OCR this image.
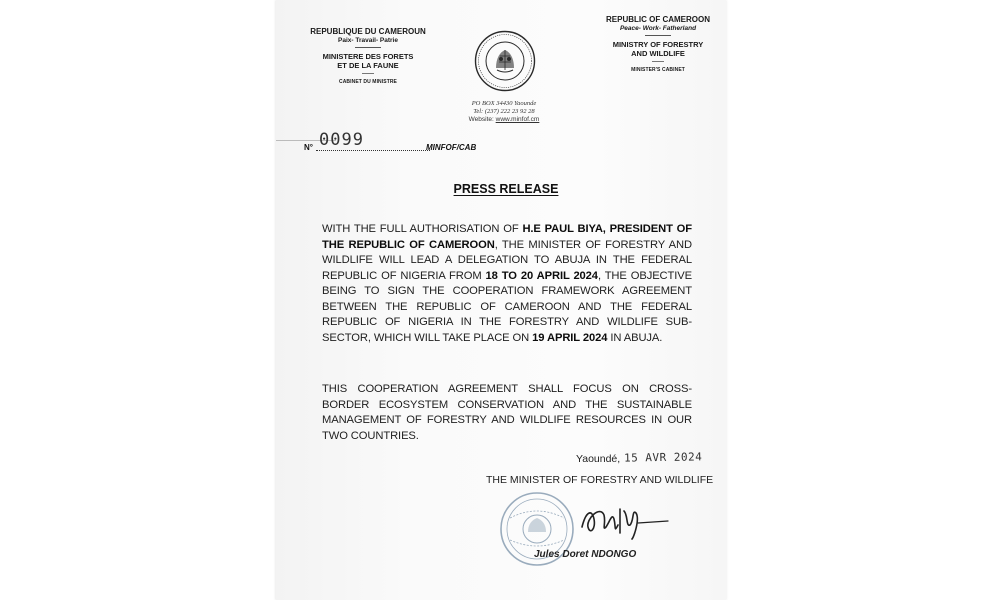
REPUBLIQUE DU CAMEROUN
Paix- Travail- Patrie
MINISTERE DES FORETS
ET DE LA FAUNE
CABINET DU MINISTRE
PO BOX 34430 Yaounde
Tel: (237) 222 23 92 28
Website: www.minfof.cm
REPUBLIC OF CAMEROON
Peace- Work- Fatherland
MINISTRY OF FORESTRY
AND WILDLIFE
MINISTER'S CABINET
N° 0099	MINFOF/CAB
PRESS RELEASE
WITH THE FULL AUTHORISATION OF H.E PAUL BIYA, PRESIDENT OF THE REPUBLIC OF CAMEROON, THE MINISTER OF FORESTRY AND WILDLIFE WILL LEAD A DELEGATION TO ABUJA IN THE FEDERAL REPUBLIC OF NIGERIA FROM 18 TO 20 APRIL 2024, THE OBJECTIVE BEING TO SIGN THE COOPERATION FRAMEWORK AGREEMENT BETWEEN THE REPUBLIC OF CAMEROON AND THE FEDERAL REPUBLIC OF NIGERIA IN THE FORESTRY AND WILDLIFE SUB-SECTOR, WHICH WILL TAKE PLACE ON 19 APRIL 2024 IN ABUJA.
THIS COOPERATION AGREEMENT SHALL FOCUS ON CROSS-BORDER ECOSYSTEM CONSERVATION AND THE SUSTAINABLE MANAGEMENT OF FORESTRY AND WILDLIFE RESOURCES IN OUR TWO COUNTRIES.
Yaoundé, 15 AVR 2024
THE MINISTER OF FORESTRY AND WILDLIFE
Jules Doret NDONGO
